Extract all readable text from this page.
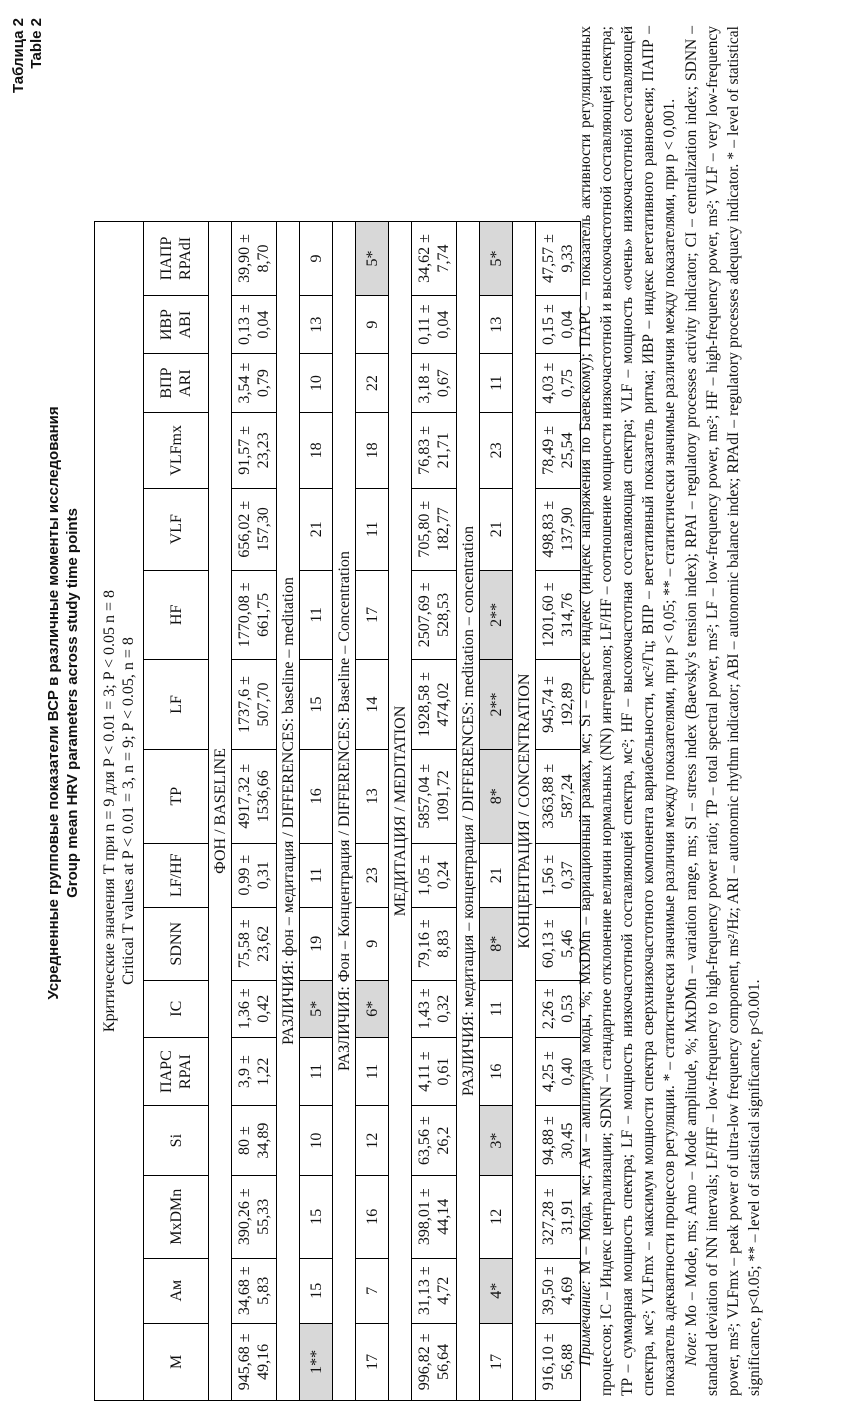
Таблица 2 Table 2
Усредненные групповые показатели ВСР в различные моменты исследования Group mean HRV parameters across study time points Критические значения T при n = 9 для P < 0.01 = 3; P < 0.05 n = 8 Critical T values at P < 0.01 = 3, n = 9; P < 0.05, n = 8															

M	Ам	MxDMn	Si	ПАРС RPAI	IC	SDNN	LF/HF	TP	LF	HF	VLF	VLFmx	ВПР ARI	ИВР ABI	ПАПР RPAdI
ФОН / BASELINE															
945,68 ± 49,16	34,68 ± 5,83	390,26 ± 55,33	80 ± 34,89	3,9 ± 1,22	1,36 ± 0,42	75,58 ± 23,62	0,99 ± 0,31	4917,32 ± 1536,66	1737,6 ± 507,70	1770,08 ± 661,75	656,02 ± 157,30	91,57 ± 23,23	3,54 ± 0,79	0,13 ± 0,04	39,90 ± 8,70
РАЗЛИЧИЯ: фон – медитация / DIFFERENCES: baseline – meditation															
1**	15	15	10	11	5*	19	11	16	15	11	21	18	10	13	9
РАЗЛИЧИЯ: Фон – Концентрация / DIFFERENCES: Baseline – Concentration															
17	7	16	12	11	6*	9	23	13	14	17	11	18	22	9	5*
МЕДИТАЦИЯ / MEDITATION															
996,82 ± 56,64	31,13 ± 4,72	398,01 ± 44,14	63,56 ± 26,2	4,11 ± 0,61	1,43 ± 0,32	79,16 ± 8,83	1,05 ± 0,24	5857,04 ± 1091,72	1928,58 ± 474,02	2507,69 ± 528,53	705,80 ± 182,77	76,83 ± 21,71	3,18 ± 0,67	0,11 ± 0,04	34,62 ± 7,74
РАЗЛИЧИЯ: медитация – концентрация / DIFFERENCES: meditation – concentration															
17	4*	12	3*	16	11	8*	21	8*	2**	2**	21	23	11	13	5*
КОНЦЕНТРАЦИЯ / CONCENTRATION															
916,10 ± 56,88	39,50 ± 4,69	327,28 ± 31,91	94,88 ± 30,45	4,25 ± 0,40	2,26 ± 0,53	60,13 ± 5,46	1,56 ± 0,37	3363,88 ± 587,24	945,74 ± 192,89	1201,60 ± 314,76	498,83 ± 137,90	78,49 ± 25,54	4,03 ± 0,75	0,15 ± 0,04	47,57 ± 9,33

Примечание: М – Мода, мс; Ам – амплитуда моды, %; MxDMn – вариационный размах, мс; Si – стресс индекс (индекс напряжения по Баевскому); ПАРС – показатель активности регуляционных процессов; IC – Индекс централизации; SDNN – стандартное отклонение величин нормальных (NN) интервалов; LF/HF – соотношение мощности низкочастотной и высокочастотной составляющей спектра; TP – суммарная мощность спектра; LF – мощность низкочастотной составляющей спектра, мс²; HF – высокочастотная составляющая спектра; VLF – мощность «очень» низкочастотной составляющей спектра, мс²; VLFmx – максимум мощности спектра сверхнизкочастотного компонента вариабельности, мс²/Гц; ВПР – вегетативный показатель ритма; ИВР – индекс вегетативного равновесия; ПАПР – показатель адекватности процессов регуляции. * – статистически значимые различия между показателями, при p < 0,05; ** – статистически значимые различия между показателями, при p < 0,001. Note: Mo – Mode, ms; Amo – Mode amplitude, %; MxDMn – variation range, ms; SI – stress index (Baevsky's tension index); RPAI – regulatory processes activity indicator; CI – centralization index; SDNN – standard deviation of NN intervals; LF/HF – low-frequency to high-frequency power ratio; TP – total spectral power, ms²; LF – low-frequency power, ms²; HF – high-frequency power, ms²; VLF – very low-frequency power, ms²; VLFmx – peak power of ultra-low frequency component, ms²/Hz; ARI – autonomic rhythm indicator; ABI – autonomic balance index; RPAdI – regulatory processes adequacy indicator. * – level of statistical significance, p<0.05; ** – level of statistical significance, p<0.001.
